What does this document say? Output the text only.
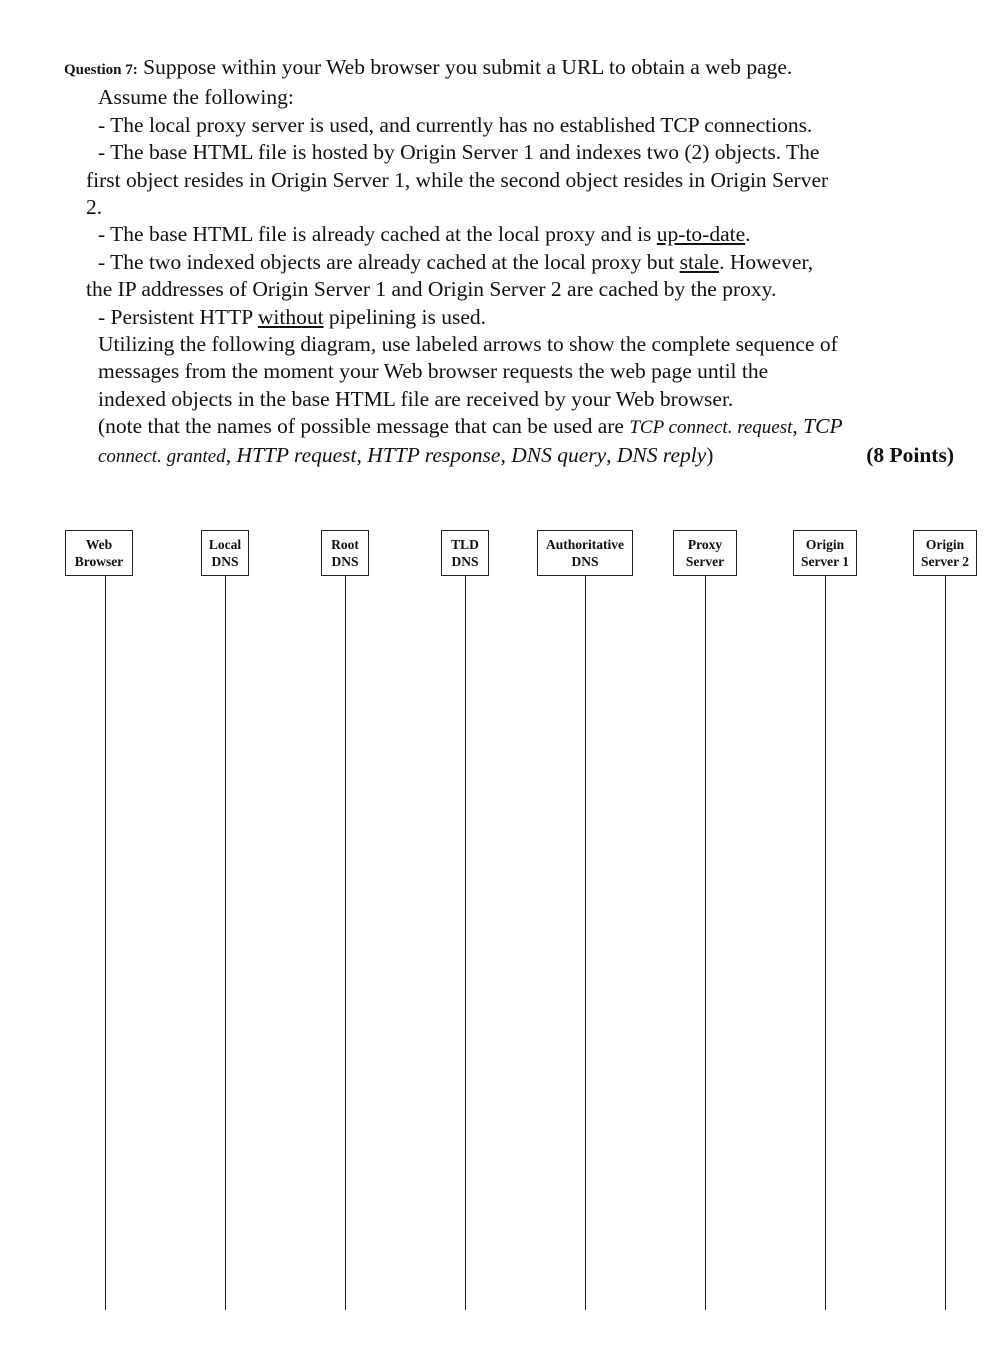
Question 7: Suppose within your Web browser you submit a URL to obtain a web page.
Assume the following:
- The local proxy server is used, and currently has no established TCP connections.
- The base HTML file is hosted by Origin Server 1 and indexes two (2) objects. The
first object resides in Origin Server 1, while the second object resides in Origin Server
2.
- The base HTML file is already cached at the local proxy and is up-to-date.
- The two indexed objects are already cached at the local proxy but stale. However,
the IP addresses of Origin Server 1 and Origin Server 2 are cached by the proxy.
- Persistent HTTP without pipelining is used.
Utilizing the following diagram, use labeled arrows to show the complete sequence of
messages from the moment your Web browser requests the web page until the
indexed objects in the base HTML file are received by your Web browser.
(note that the names of possible message that can be used are TCP connect. request, TCP
connect. granted, HTTP request, HTTP response, DNS query, DNS reply)	(8 Points)
Web
Browser
Local
DNS
Root
DNS
TLD
DNS
Authoritative
DNS
Proxy
Server
Origin
Server 1
Origin
Server 2
